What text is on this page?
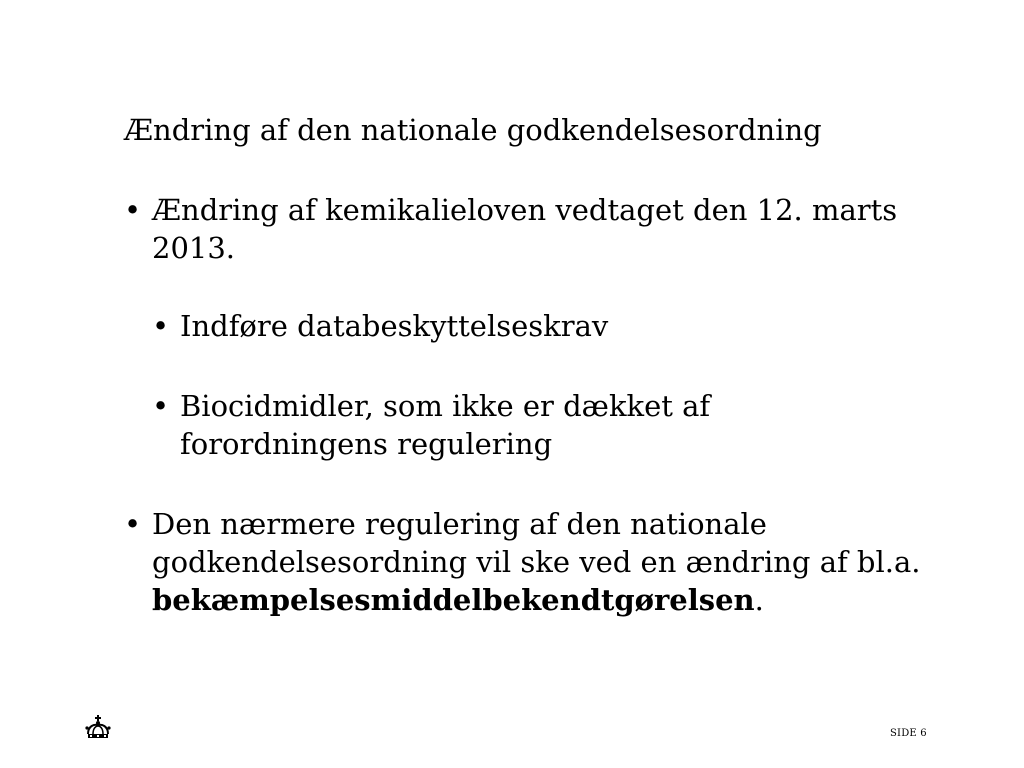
Ændring af den nationale godkendelsesordning
• Ændring af kemikalieloven vedtaget den 12. marts 2013.
• Indføre databeskyttelseskrav
• Biocidmidler, som ikke er dækket af forordningens regulering
• Den nærmere regulering af den nationale godkendelsesordning vil ske ved en ændring af bl.a. bekæmpelsesmiddelbekendtgørelsen.
SIDE 6
